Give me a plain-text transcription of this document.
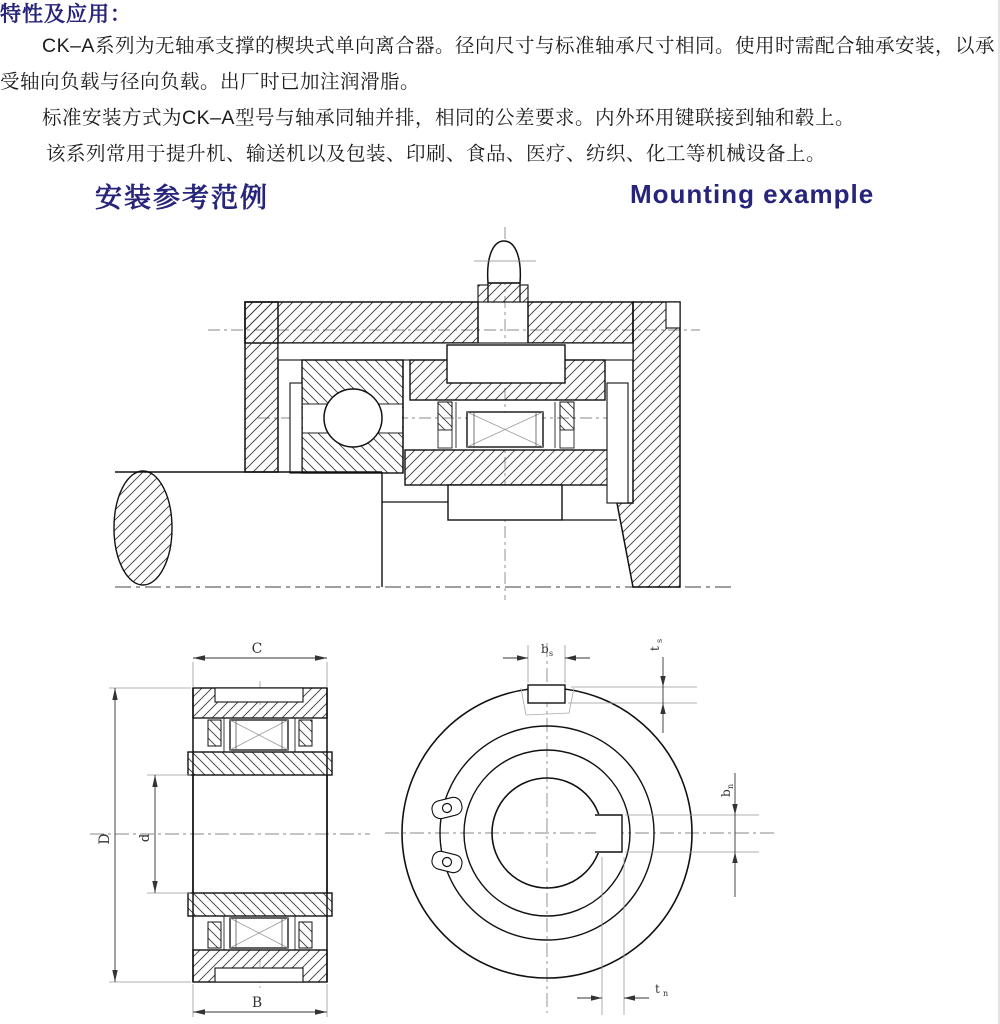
特性及应用：
CK–A系列为无轴承支撑的楔块式单向离合器。径向尺寸与标准轴承尺寸相同。使用时需配合轴承安装，以承受轴向负载与径向负载。出厂时已加注润滑脂。
标准安装方式为CK–A型号与轴承同轴并排，相同的公差要求。内外环用键联接到轴和毂上。
该系列常用于提升机、输送机以及包装、印刷、食品、医疗、纺织、化工等机械设备上。
安装参考范例	Mounting example
C
D d
B
b s
t
s
b
n
t n
